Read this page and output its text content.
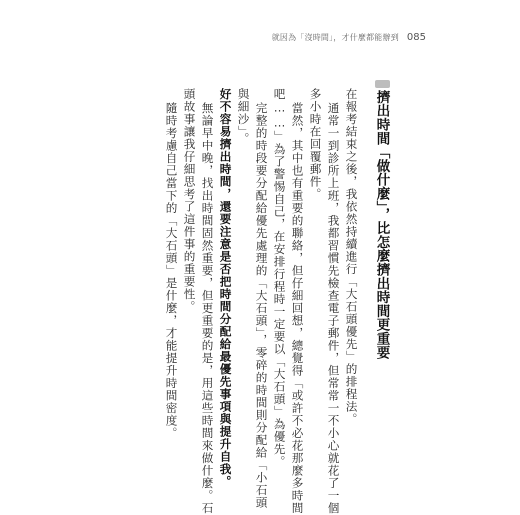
就因為「沒時間」，才什麼都能辦到 085
擠出時間「做什麼」，比怎麼擠出時間更重要
在報考結束之後，我依然持續進行「大石頭優先」的排程法。
通常一到診所上班，我都習慣先檢查電子郵件，但常常一不小心就花了一個
多小時在回覆郵件。
當然，其中也有重要的聯絡，但仔細回想，總覺得「或許不必花那麼多時間
吧……」為了警惕自己，在安排行程時一定要以「大石頭」為優先。
完整的時段要分配給優先處理的「大石頭」，零碎的時間則分配給「小石頭
與細沙」。
好不容易擠出時間，還要注意是否把時間分配給最優先事項與提升自我。
無論早中晚，找出時間固然重要，但更重要的是，用這些時間來做什麼。石
頭故事讓我仔細思考了這件事的重要性。
隨時考慮自己當下的「大石頭」是什麼，才能提升時間密度。
